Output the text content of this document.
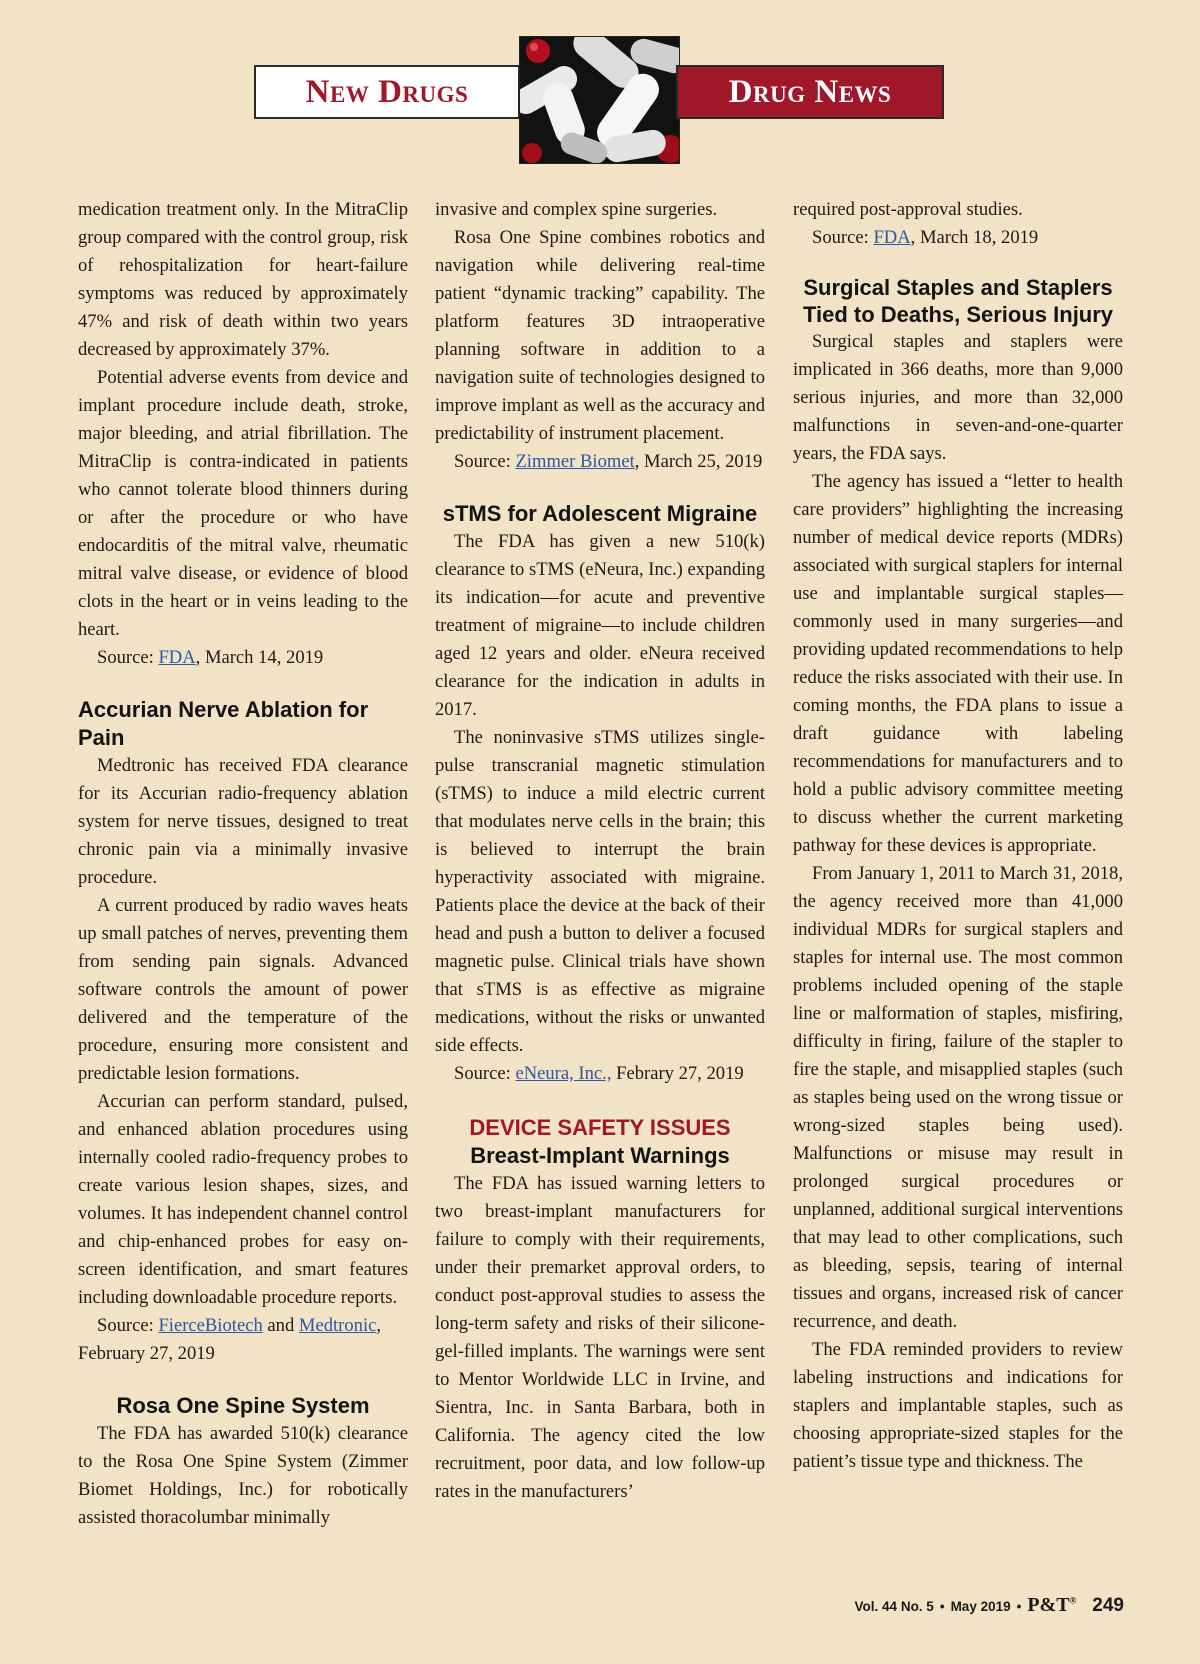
New Drugs	Drug News

medication treatment only. In the MitraClip group compared with the control group, risk of rehospitalization for heart-failure symptoms was reduced by approximately 47% and risk of death within two years decreased by approximately 37%.

Potential adverse events from device and implant procedure include death, stroke, major bleeding, and atrial fibrillation. The MitraClip is contra-indicated in patients who cannot tolerate blood thinners during or after the procedure or who have endocarditis of the mitral valve, rheumatic mitral valve disease, or evidence of blood clots in the heart or in veins leading to the heart.

Source: FDA, March 14, 2019

Accurian Nerve Ablation for Pain

Medtronic has received FDA clearance for its Accurian radio-frequency ablation system for nerve tissues, designed to treat chronic pain via a minimally invasive procedure.

A current produced by radio waves heats up small patches of nerves, preventing them from sending pain signals. Advanced software controls the amount of power delivered and the temperature of the procedure, ensuring more consistent and predictable lesion formations.

Accurian can perform standard, pulsed, and enhanced ablation procedures using internally cooled radio-frequency probes to create various lesion shapes, sizes, and volumes. It has independent channel control and chip-enhanced probes for easy on-screen identification, and smart features including downloadable procedure reports.

Source: FierceBiotech and Medtronic, February 27, 2019

Rosa One Spine System

The FDA has awarded 510(k) clearance to the Rosa One Spine System (Zimmer Biomet Holdings, Inc.) for robotically assisted thoracolumbar minimally

invasive and complex spine surgeries.

Rosa One Spine combines robotics and navigation while delivering real-time patient “dynamic tracking” capability. The platform features 3D intraoperative planning software in addition to a navigation suite of technologies designed to improve implant as well as the accuracy and predictability of instrument placement.

Source: Zimmer Biomet, March 25, 2019

sTMS for Adolescent Migraine

The FDA has given a new 510(k) clearance to sTMS (eNeura, Inc.) expanding its indication—for acute and preventive treatment of migraine—to include children aged 12 years and older. eNeura received clearance for the indication in adults in 2017.

The noninvasive sTMS utilizes single-pulse transcranial magnetic stimulation (sTMS) to induce a mild electric current that modulates nerve cells in the brain; this is believed to interrupt the brain hyperactivity associated with migraine. Patients place the device at the back of their head and push a button to deliver a focused magnetic pulse. Clinical trials have shown that sTMS is as effective as migraine medications, without the risks or unwanted side effects.

Source: eNeura, Inc., Febrary 27, 2019

DEVICE SAFETY ISSUES
Breast-Implant Warnings

The FDA has issued warning letters to two breast-implant manufacturers for failure to comply with their requirements, under their premarket approval orders, to conduct post-approval studies to assess the long-term safety and risks of their silicone-gel-filled implants. The warnings were sent to Mentor Worldwide LLC in Irvine, and Sientra, Inc. in Santa Barbara, both in California. The agency cited the low recruitment, poor data, and low follow-up rates in the manufacturers’

required post-approval studies.

Source: FDA, March 18, 2019

Surgical Staples and Staplers Tied to Deaths, Serious Injury

Surgical staples and staplers were implicated in 366 deaths, more than 9,000 serious injuries, and more than 32,000 malfunctions in seven-and-one-quarter years, the FDA says.

The agency has issued a “letter to health care providers” highlighting the increasing number of medical device reports (MDRs) associated with surgical staplers for internal use and implantable surgical staples—commonly used in many surgeries—and providing updated recommendations to help reduce the risks associated with their use. In coming months, the FDA plans to issue a draft guidance with labeling recommendations for manufacturers and to hold a public advisory committee meeting to discuss whether the current marketing pathway for these devices is appropriate.

From January 1, 2011 to March 31, 2018, the agency received more than 41,000 individual MDRs for surgical staplers and staples for internal use. The most common problems included opening of the staple line or malformation of staples, misfiring, difficulty in firing, failure of the stapler to fire the staple, and misapplied staples (such as staples being used on the wrong tissue or wrong-sized staples being used). Malfunctions or misuse may result in prolonged surgical procedures or unplanned, additional surgical interventions that may lead to other complications, such as bleeding, sepsis, tearing of internal tissues and organs, increased risk of cancer recurrence, and death.

The FDA reminded providers to review labeling instructions and indications for staplers and implantable staples, such as choosing appropriate-sized staples for the patient’s tissue type and thickness. The

Vol. 44 No. 5 • May 2019 • P&T® 249
